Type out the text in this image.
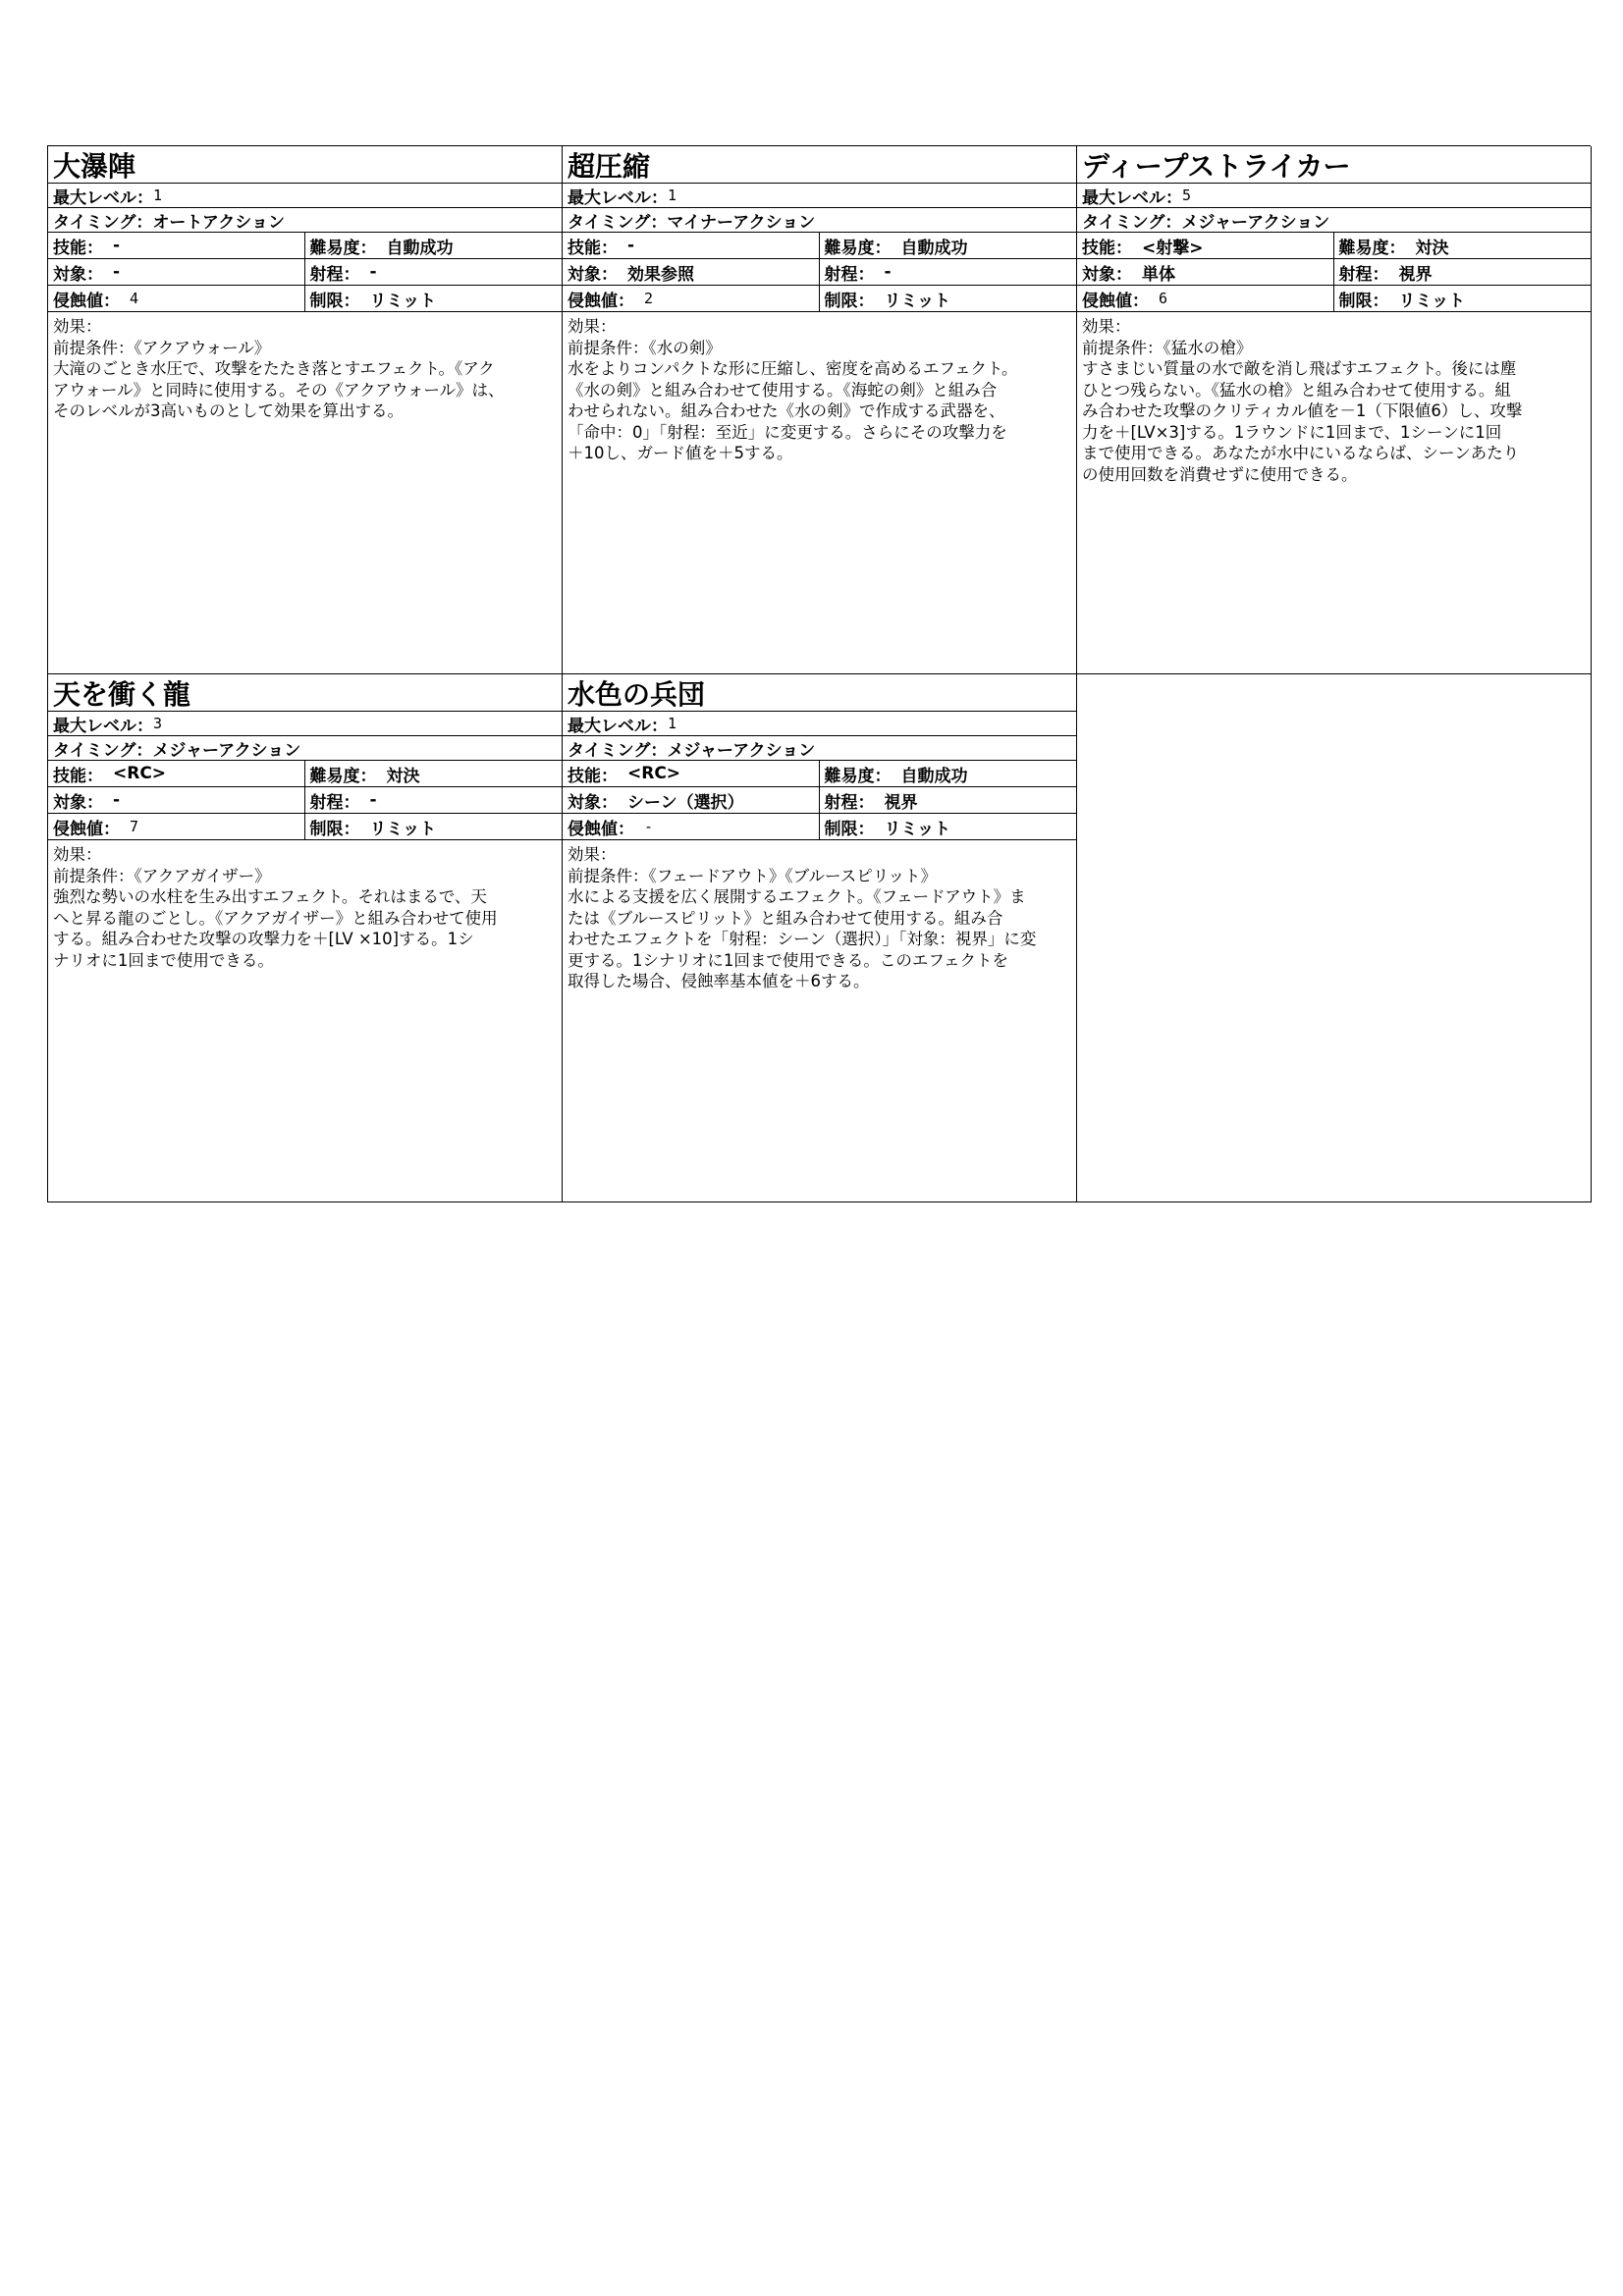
大瀑陣
最大レベル： 1
タイミング： オートアクション
技能： -	難易度： 自動成功
対象： -	射程： -
侵蝕値： 4	制限： リミット
効果：
前提条件：《アクアウォール》
大滝のごとき水圧で、攻撃をたたき落とすエフェクト。《アク
アウォール》と同時に使用する。その《アクアウォール》は、
そのレベルが3高いものとして効果を算出する。
超圧縮
最大レベル： 1
タイミング： マイナーアクション
技能： -	難易度： 自動成功
対象： 効果参照	射程： -
侵蝕値： 2	制限： リミット
効果：
前提条件：《水の剣》
水をよりコンパクトな形に圧縮し、密度を高めるエフェクト。
《水の剣》と組み合わせて使用する。《海蛇の剣》と組み合
わせられない。組み合わせた《水の剣》で作成する武器を、
「命中：0」「射程：至近」に変更する。さらにその攻撃力を
＋10し、ガード値を＋5する。
ディープストライカー
最大レベル： 5
タイミング： メジャーアクション
技能： <射撃>	難易度： 対決
対象： 単体	射程： 視界
侵蝕値： 6	制限： リミット
効果：
前提条件：《猛水の槍》
すさまじい質量の水で敵を消し飛ばすエフェクト。後には塵
ひとつ残らない。《猛水の槍》と組み合わせて使用する。組
み合わせた攻撃のクリティカル値を－1（下限値6）し、攻撃
力を＋[LV×3]する。1ラウンドに1回まで、1シーンに1回
まで使用できる。あなたが水中にいるならば、シーンあたり
の使用回数を消費せずに使用できる。
天を衝く龍
最大レベル： 3
タイミング： メジャーアクション
技能： <RC>	難易度： 対決
対象： -	射程： -
侵蝕値： 7	制限： リミット
効果：
前提条件：《アクアガイザー》
強烈な勢いの水柱を生み出すエフェクト。それはまるで、天
へと昇る龍のごとし。《アクアガイザー》と組み合わせて使用
する。組み合わせた攻撃の攻撃力を＋[LV ×10]する。1シ
ナリオに1回まで使用できる。
水色の兵団
最大レベル： 1
タイミング： メジャーアクション
技能： <RC>	難易度： 自動成功
対象： シーン（選択）	射程： 視界
侵蝕値： -	制限： リミット
効果：
前提条件：《フェードアウト》《ブルースピリット》
水による支援を広く展開するエフェクト。《フェードアウト》ま
たは《ブルースピリット》と組み合わせて使用する。組み合
わせたエフェクトを「射程：シーン（選択）」「対象：視界」に変
更する。1シナリオに1回まで使用できる。このエフェクトを
取得した場合、侵蝕率基本値を＋6する。
